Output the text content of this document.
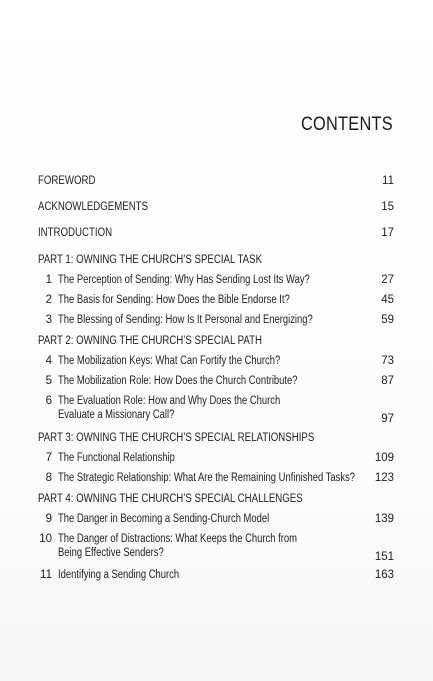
CONTENTS
FOREWORD	11
ACKNOWLEDGEMENTS	15
INTRODUCTION	17
PART 1: OWNING THE CHURCH’S SPECIAL TASK
1 The Perception of Sending: Why Has Sending Lost Its Way?	27
2 The Basis for Sending: How Does the Bible Endorse It?	45
3 The Blessing of Sending: How Is It Personal and Energizing?	59
PART 2: OWNING THE CHURCH’S SPECIAL PATH
4 The Mobilization Keys: What Can Fortify the Church?	73
5 The Mobilization Role: How Does the Church Contribute?	87
6 The Evaluation Role: How and Why Does the Church
Evaluate a Missionary Call?	97
PART 3: OWNING THE CHURCH’S SPECIAL RELATIONSHIPS
7 The Functional Relationship	109
8 The Strategic Relationship: What Are the Remaining Unfinished Tasks? 123
PART 4: OWNING THE CHURCH’S SPECIAL CHALLENGES
9 The Danger in Becoming a Sending-Church Model	139
10 The Danger of Distractions: What Keeps the Church from
Being Effective Senders?	151
11 Identifying a Sending Church	163
